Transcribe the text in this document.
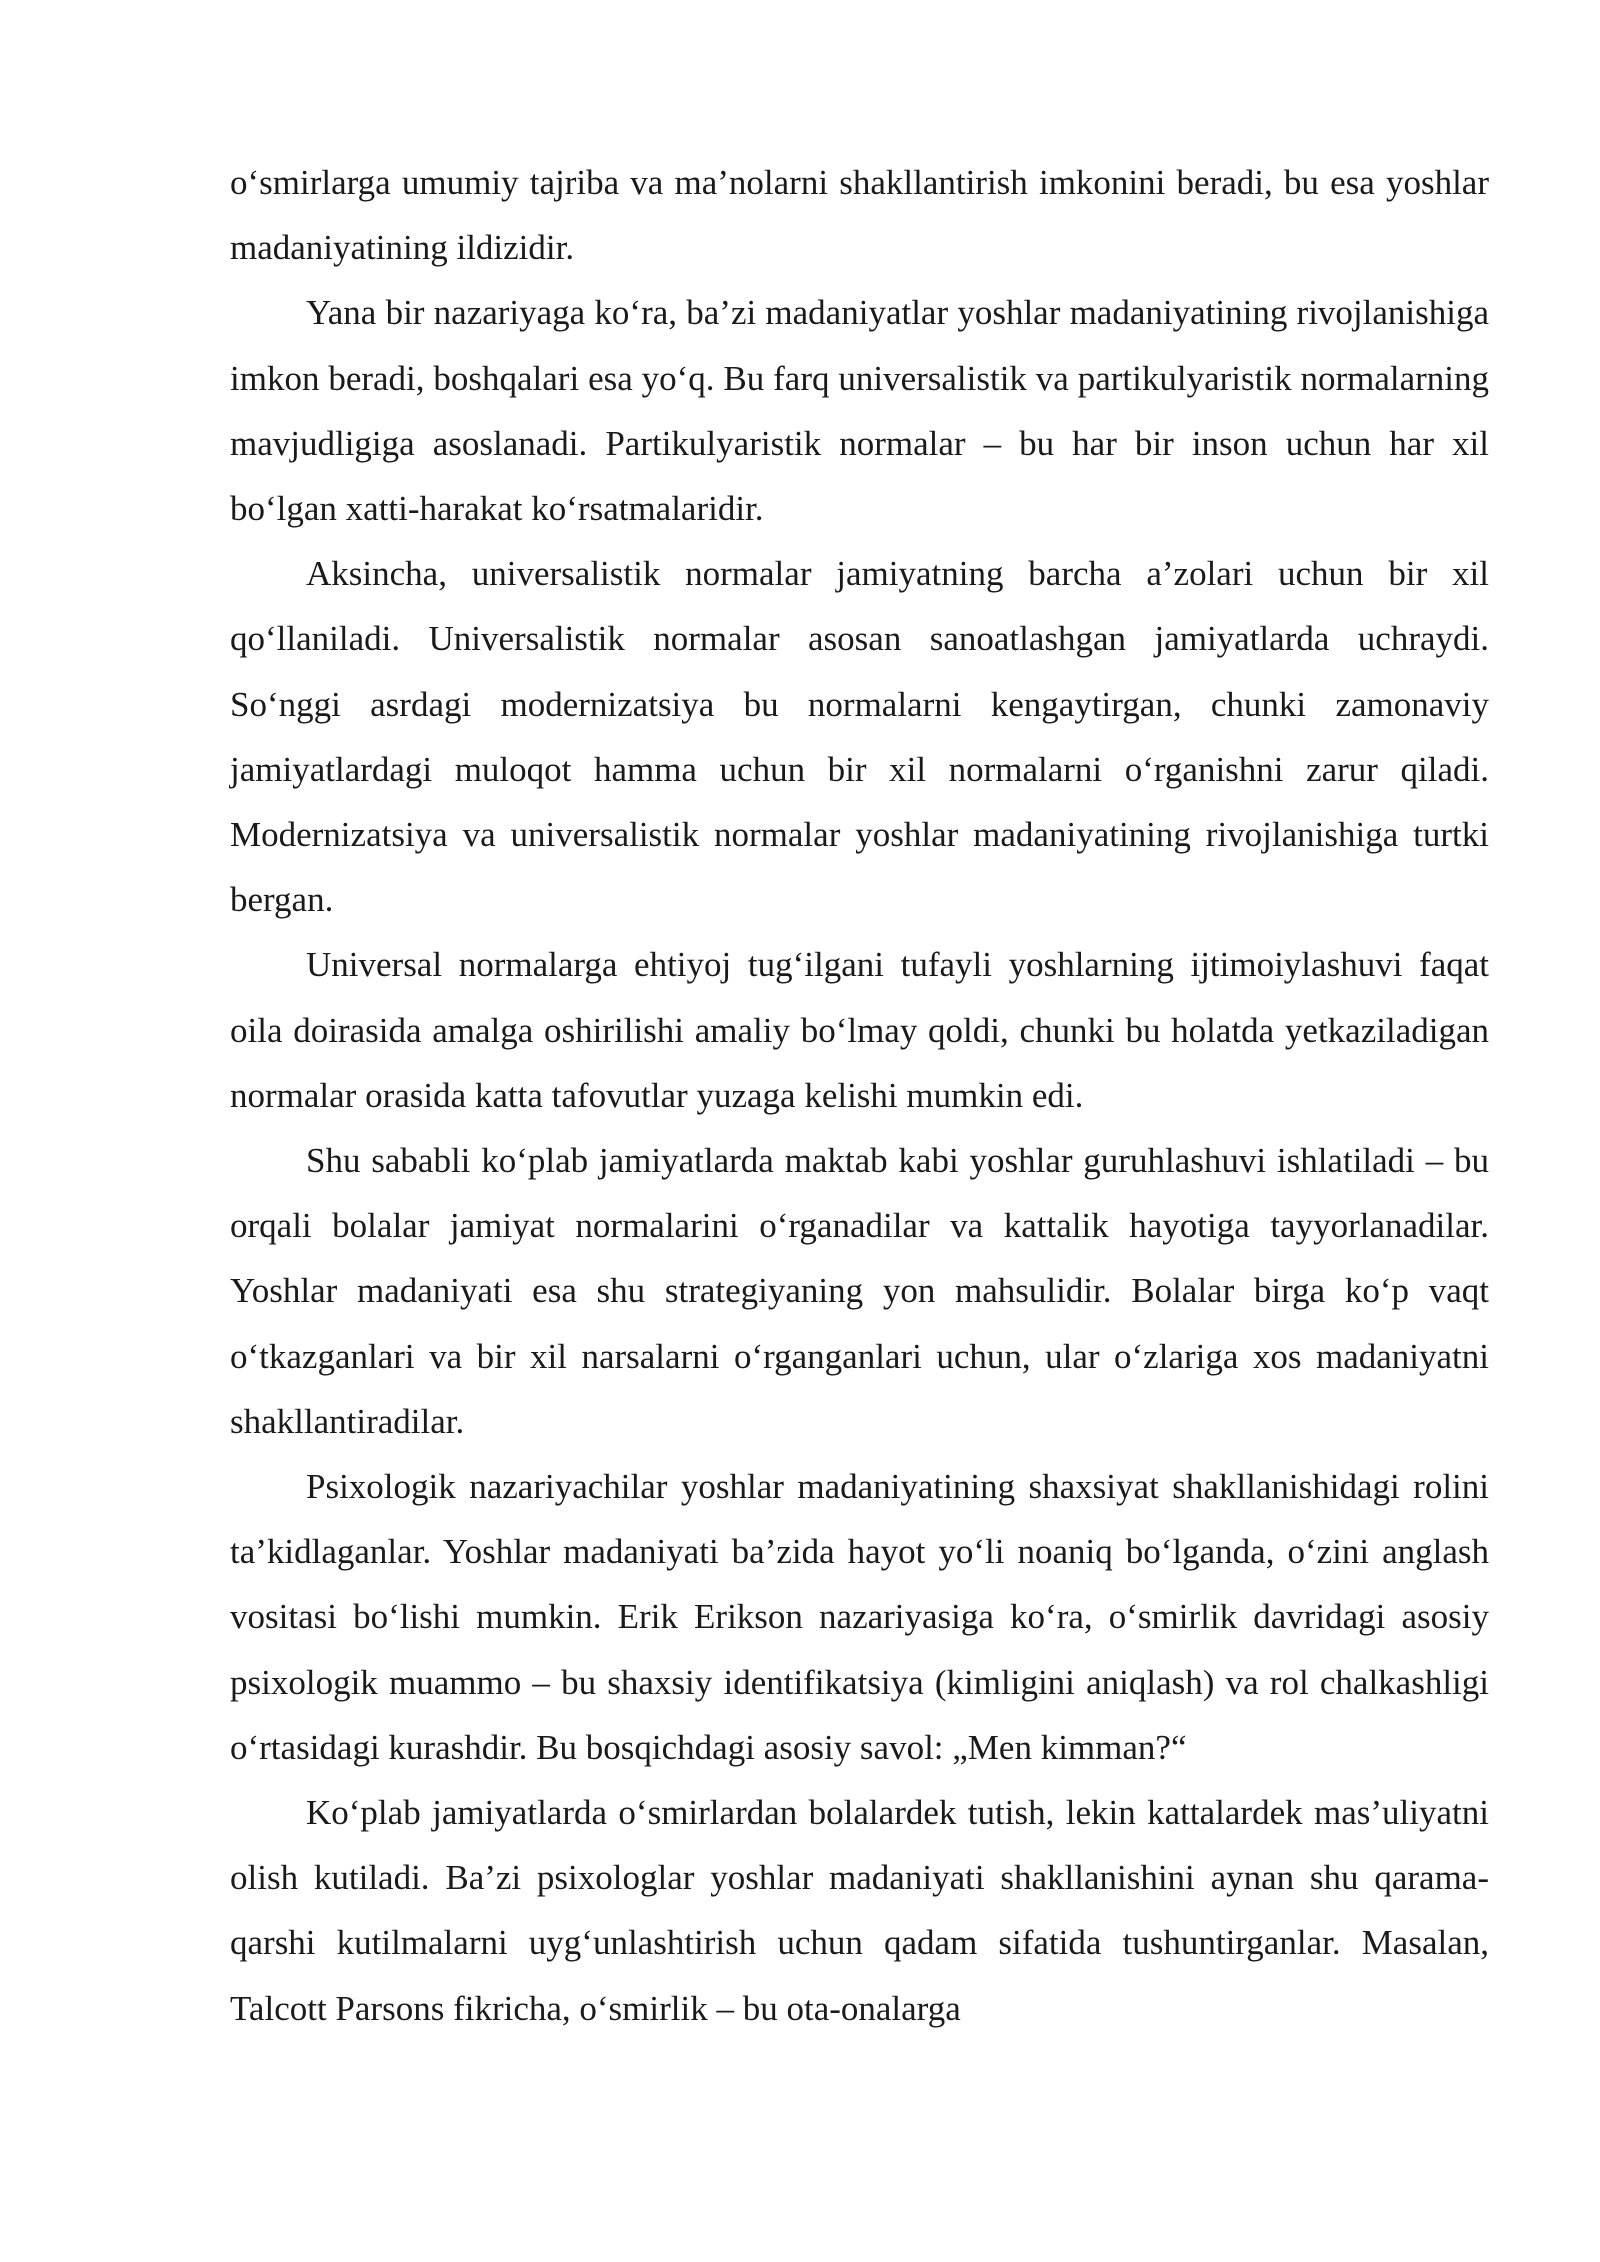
o‘smirlarga umumiy tajriba va ma’nolarni shakllantirish imkonini beradi, bu esa yoshlar madaniyatining ildizidir.

Yana bir nazariyaga ko‘ra, ba’zi madaniyatlar yoshlar madaniyatining rivojlanishiga imkon beradi, boshqalari esa yo‘q. Bu farq universalistik va partikulyaristik normalarning mavjudligiga asoslanadi. Partikulyaristik normalar – bu har bir inson uchun har xil bo‘lgan xatti-harakat ko‘rsatmalaridir.

Aksincha, universalistik normalar jamiyatning barcha a’zolari uchun bir xil qo‘llaniladi. Universalistik normalar asosan sanoatlashgan jamiyatlarda uchraydi. So‘nggi asrdagi modernizatsiya bu normalarni kengaytirgan, chunki zamonaviy jamiyatlardagi muloqot hamma uchun bir xil normalarni o‘rganishni zarur qiladi. Modernizatsiya va universalistik normalar yoshlar madaniyatining rivojlanishiga turtki bergan.

Universal normalarga ehtiyoj tug‘ilgani tufayli yoshlarning ijtimoiylashuvi faqat oila doirasida amalga oshirilishi amaliy bo‘lmay qoldi, chunki bu holatda yetkaziladigan normalar orasida katta tafovutlar yuzaga kelishi mumkin edi.

Shu sababli ko‘plab jamiyatlarda maktab kabi yoshlar guruhlashuvi ishlatiladi – bu orqali bolalar jamiyat normalarini o‘rganadilar va kattalik hayotiga tayyorlanadilar. Yoshlar madaniyati esa shu strategiyaning yon mahsulidir. Bolalar birga ko‘p vaqt o‘tkazganlari va bir xil narsalarni o‘rganganlari uchun, ular o‘zlariga xos madaniyatni shakllantiradilar.

Psixologik nazariyachilar yoshlar madaniyatining shaxsiyat shakllanishidagi rolini ta’kidlaganlar. Yoshlar madaniyati ba’zida hayot yo‘li noaniq bo‘lganda, o‘zini anglash vositasi bo‘lishi mumkin. Erik Erikson nazariyasiga ko‘ra, o‘smirlik davridagi asosiy psixologik muammo – bu shaxsiy identifikatsiya (kimligini aniqlash) va rol chalkashligi o‘rtasidagi kurashdir. Bu bosqichdagi asosiy savol: „Men kimman?“

Ko‘plab jamiyatlarda o‘smirlardan bolalardek tutish, lekin kattalardek mas’uliyatni olish kutiladi. Ba’zi psixologlar yoshlar madaniyati shakllanishini aynan shu qarama-qarshi kutilmalarni uyg‘unlashtirish uchun qadam sifatida tushuntirganlar. Masalan, Talcott Parsons fikricha, o‘smirlik – bu ota-onalarga
